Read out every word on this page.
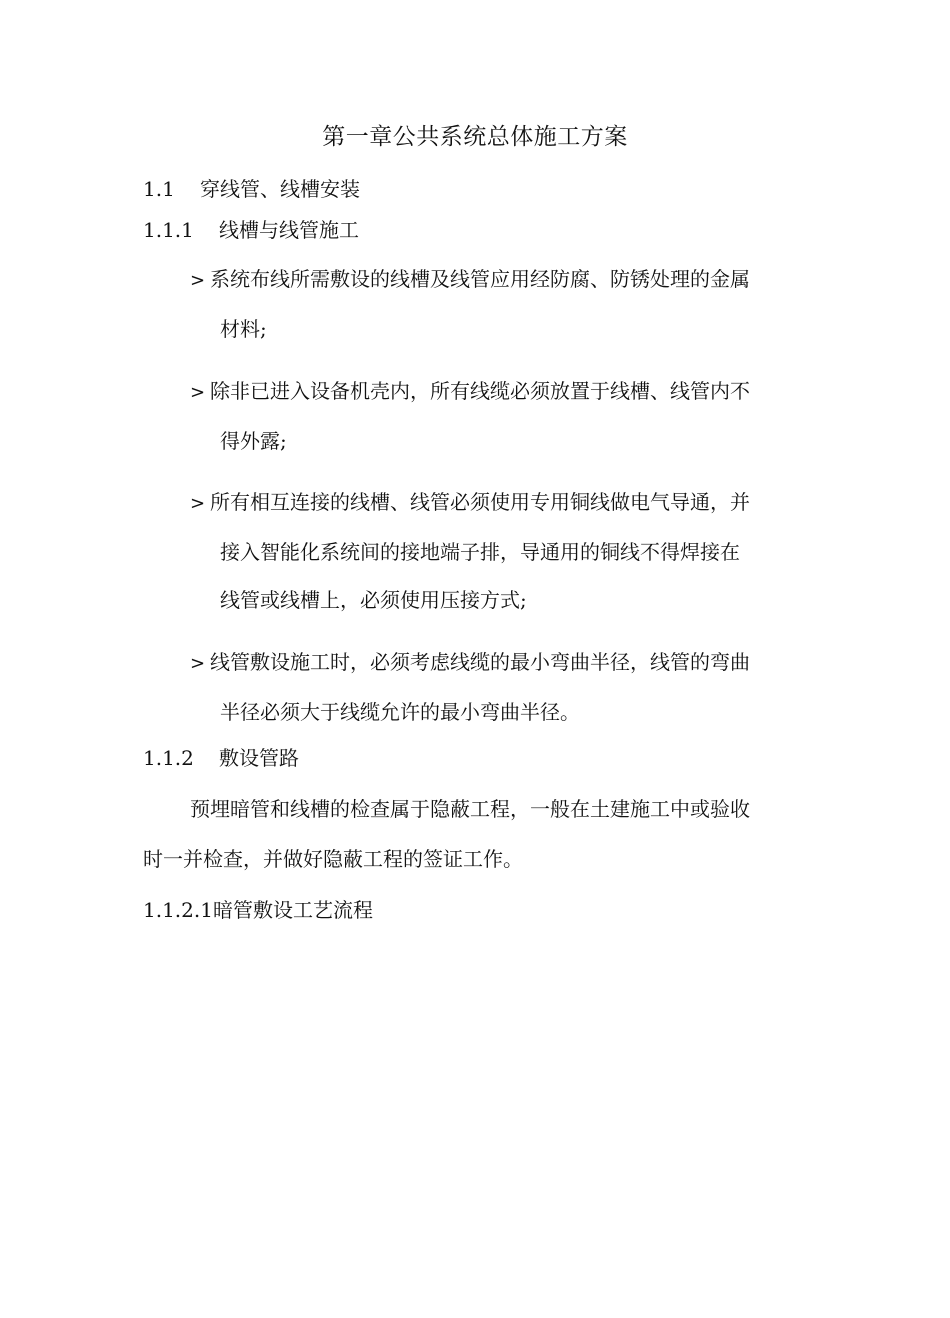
第一章公共系统总体施工方案
1.1 穿线管、线槽安装
1.1.1 线槽与线管施工
> 系统布线所需敷设的线槽及线管应用经防腐、防锈处理的金属
材料;
> 除非已进入设备机壳内，所有线缆必须放置于线槽、线管内不
得外露;
> 所有相互连接的线槽、线管必须使用专用铜线做电气导通，并
接入智能化系统间的接地端子排，导通用的铜线不得焊接在
线管或线槽上，必须使用压接方式;
> 线管敷设施工时，必须考虑线缆的最小弯曲半径，线管的弯曲
半径必须大于线缆允许的最小弯曲半径。
1.1.2 敷设管路
预埋暗管和线槽的检查属于隐蔽工程，一般在土建施工中或验收
时一并检查，并做好隐蔽工程的签证工作。
1.1.2.1暗管敷设工艺流程
